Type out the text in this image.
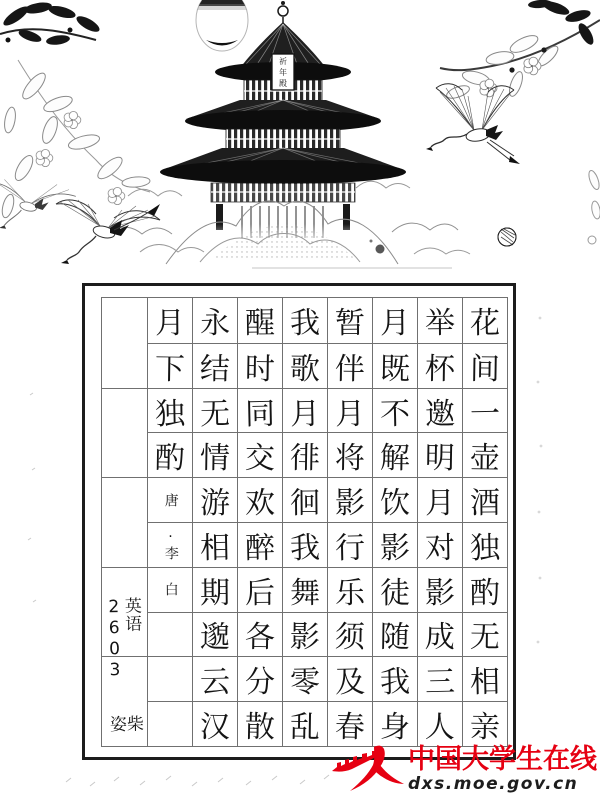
祈
年
殿
月
下
独
酌
唐
·李
白
永
结
无
情
游
相
期
邈
云
汉
醒
时
同
交
欢
醉
后
各
分
散
我
歌
月
徘
徊
我
舞
影
零
乱
暂
伴
月
将
影
行
乐
须
及
春
月
既
不
解
饮
影
徒
随
我
身
举
杯
邀
明
月
对
影
成
三
人
花
间
一
壶
酒
独
酌
无
相
亲
英语2603
柴姿
中国大学生在线
dxs.moe.gov.cn
